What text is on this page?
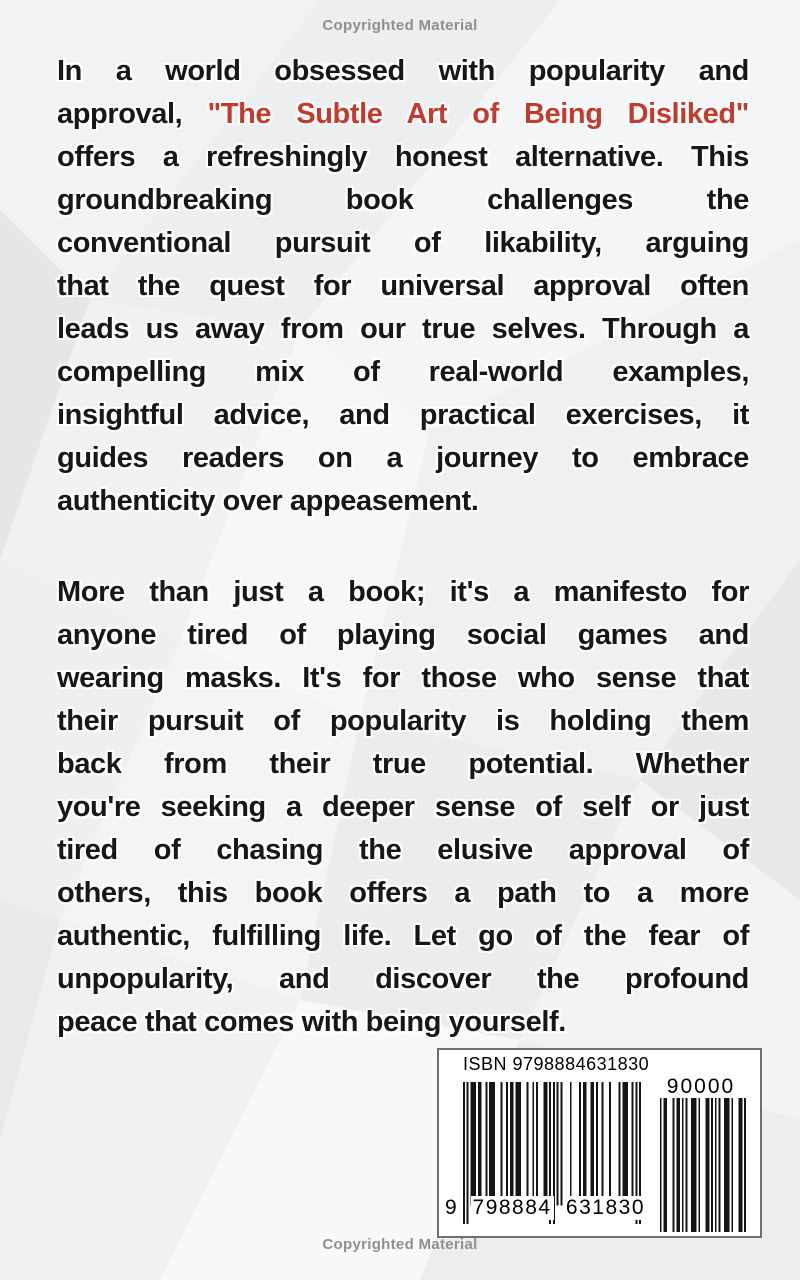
Copyrighted Material
In a world obsessed with popularity and
approval, "The Subtle Art of Being Disliked"
offers a refreshingly honest alternative. This
groundbreaking book challenges the
conventional pursuit of likability, arguing
that the quest for universal approval often
leads us away from our true selves. Through a
compelling mix of real-world examples,
insightful advice, and practical exercises, it
guides readers on a journey to embrace
authenticity over appeasement.
More than just a book; it's a manifesto for
anyone tired of playing social games and
wearing masks. It's for those who sense that
their pursuit of popularity is holding them
back from their true potential. Whether
you're seeking a deeper sense of self or just
tired of chasing the elusive approval of
others, this book offers a path to a more
authentic, fulfilling life. Let go of the fear of
unpopularity, and discover the profound
peace that comes with being yourself.
ISBN 9798884631830
9 798884 631830
90000
Copyrighted Material
